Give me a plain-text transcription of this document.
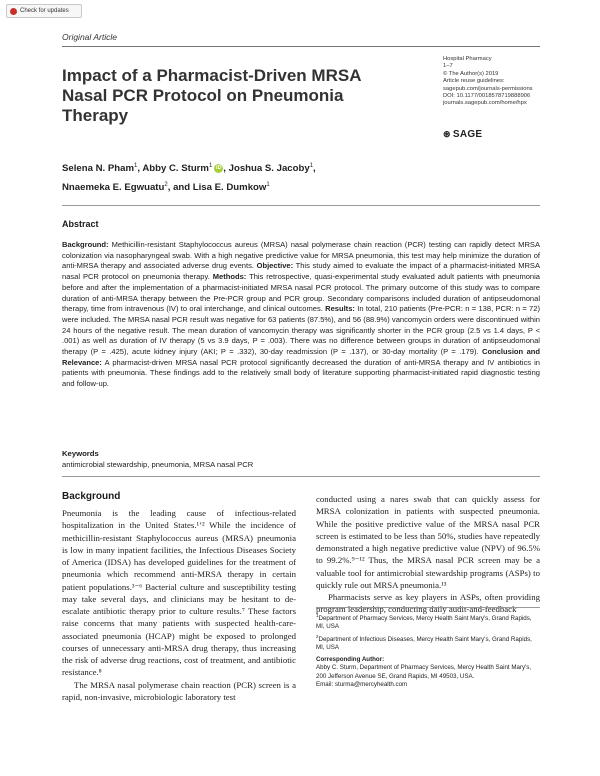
Check for updates
Original Article
Impact of a Pharmacist-Driven MRSA Nasal PCR Protocol on Pneumonia Therapy
Hospital Pharmacy
1–7
© The Author(s) 2019
Article reuse guidelines:
sagepub.com/journals-permissions
DOI: 10.1177/0018578719888906
journals.sagepub.com/home/hpx
⊛ SAGE
Selena N. Pham$^1$, Abby C. Sturm$^1$ iD , Joshua S. Jacoby$^1$,
Nnaemeka E. Egwuatu$^2$, and Lisa E. Dumkow$^1$
Abstract
Background: Methicillin-resistant Staphylococcus aureus (MRSA) nasal polymerase chain reaction (PCR) testing can rapidly detect MRSA colonization via nasopharyngeal swab. With a high negative predictive value for MRSA pneumonia, this test may help minimize the duration of anti-MRSA therapy and associated adverse drug events. Objective: This study aimed to evaluate the impact of a pharmacist-initiated MRSA nasal PCR protocol on pneumonia therapy. Methods: This retrospective, quasi-experimental study evaluated adult patients with pneumonia before and after the implementation of a pharmacist-initiated MRSA nasal PCR protocol. The primary outcome of this study was to compare duration of anti-MRSA therapy between the Pre-PCR group and PCR group. Secondary comparisons included duration of antipseudomonal therapy, time from intravenous (IV) to oral interchange, and clinical outcomes. Results: In total, 210 patients (Pre-PCR: n = 138, PCR: n = 72) were included. The MRSA nasal PCR result was negative for 63 patients (87.5%), and 56 (88.9%) vancomycin orders were discontinued within 24 hours of the negative result. The mean duration of vancomycin therapy was significantly shorter in the PCR group (2.5 vs 1.4 days, P < .001) as well as duration of IV therapy (5 vs 3.9 days, P = .003). There was no difference between groups in duration of antipseudomonal therapy (P = .425), acute kidney injury (AKI; P = .332), 30-day readmission (P = .137), or 30-day mortality (P = .179). Conclusion and Relevance: A pharmacist-driven MRSA nasal PCR protocol significantly decreased the duration of anti-MRSA therapy and IV antibiotics in patients with pneumonia. These findings add to the relatively small body of literature supporting pharmacist-initiated rapid diagnostic testing and follow-up.
Keywords
antimicrobial stewardship, pneumonia, MRSA nasal PCR
Background

Pneumonia is the leading cause of infectious-related hospitalization in the United States.¹ʼ² While the incidence of methicillin-resistant Staphylococcus aureus (MRSA) pneumonia is low in many inpatient facilities, the Infectious Diseases Society of America (IDSA) has developed guidelines for the treatment of pneumonia which recommend anti-MRSA therapy in certain patient populations.³⁻⁶ Bacterial culture and susceptibility testing may take several days, and clinicians may be hesitant to de-escalate antibiotic therapy prior to culture results.⁷ These factors raise concerns that many patients with suspected health-care-associated pneumonia (HCAP) might be exposed to prolonged courses of unnecessary anti-MRSA drug therapy, thus increasing the risk of adverse drug reactions, cost of treatment, and antibiotic resistance.⁸

The MRSA nasal polymerase chain reaction (PCR) screen is a rapid, non-invasive, microbiologic laboratory test

conducted using a nares swab that can quickly assess for MRSA colonization in patients with suspected pneumonia. While the positive predictive value of the MRSA nasal PCR screen is estimated to be less than 50%, studies have repeatedly demonstrated a high negative predictive value (NPV) of 96.5% to 99.2%.⁹⁻¹² Thus, the MRSA nasal PCR screen may be a valuable tool for antimicrobial stewardship programs (ASPs) to quickly rule out MRSA pneumonia.¹³

Pharmacists serve as key players in ASPs, often providing program leadership, conducting daily audit-and-feedback

$^1$Department of Pharmacy Services, Mercy Health Saint Mary's, Grand Rapids, MI, USA

$^2$Department of Infectious Diseases, Mercy Health Saint Mary's, Grand Rapids, MI, USA

Corresponding Author:

Abby C. Sturm, Department of Pharmacy Services, Mercy Health Saint Mary's, 200 Jefferson Avenue SE, Grand Rapids, MI 49503, USA.

Email: sturma@mercyhealth.com
